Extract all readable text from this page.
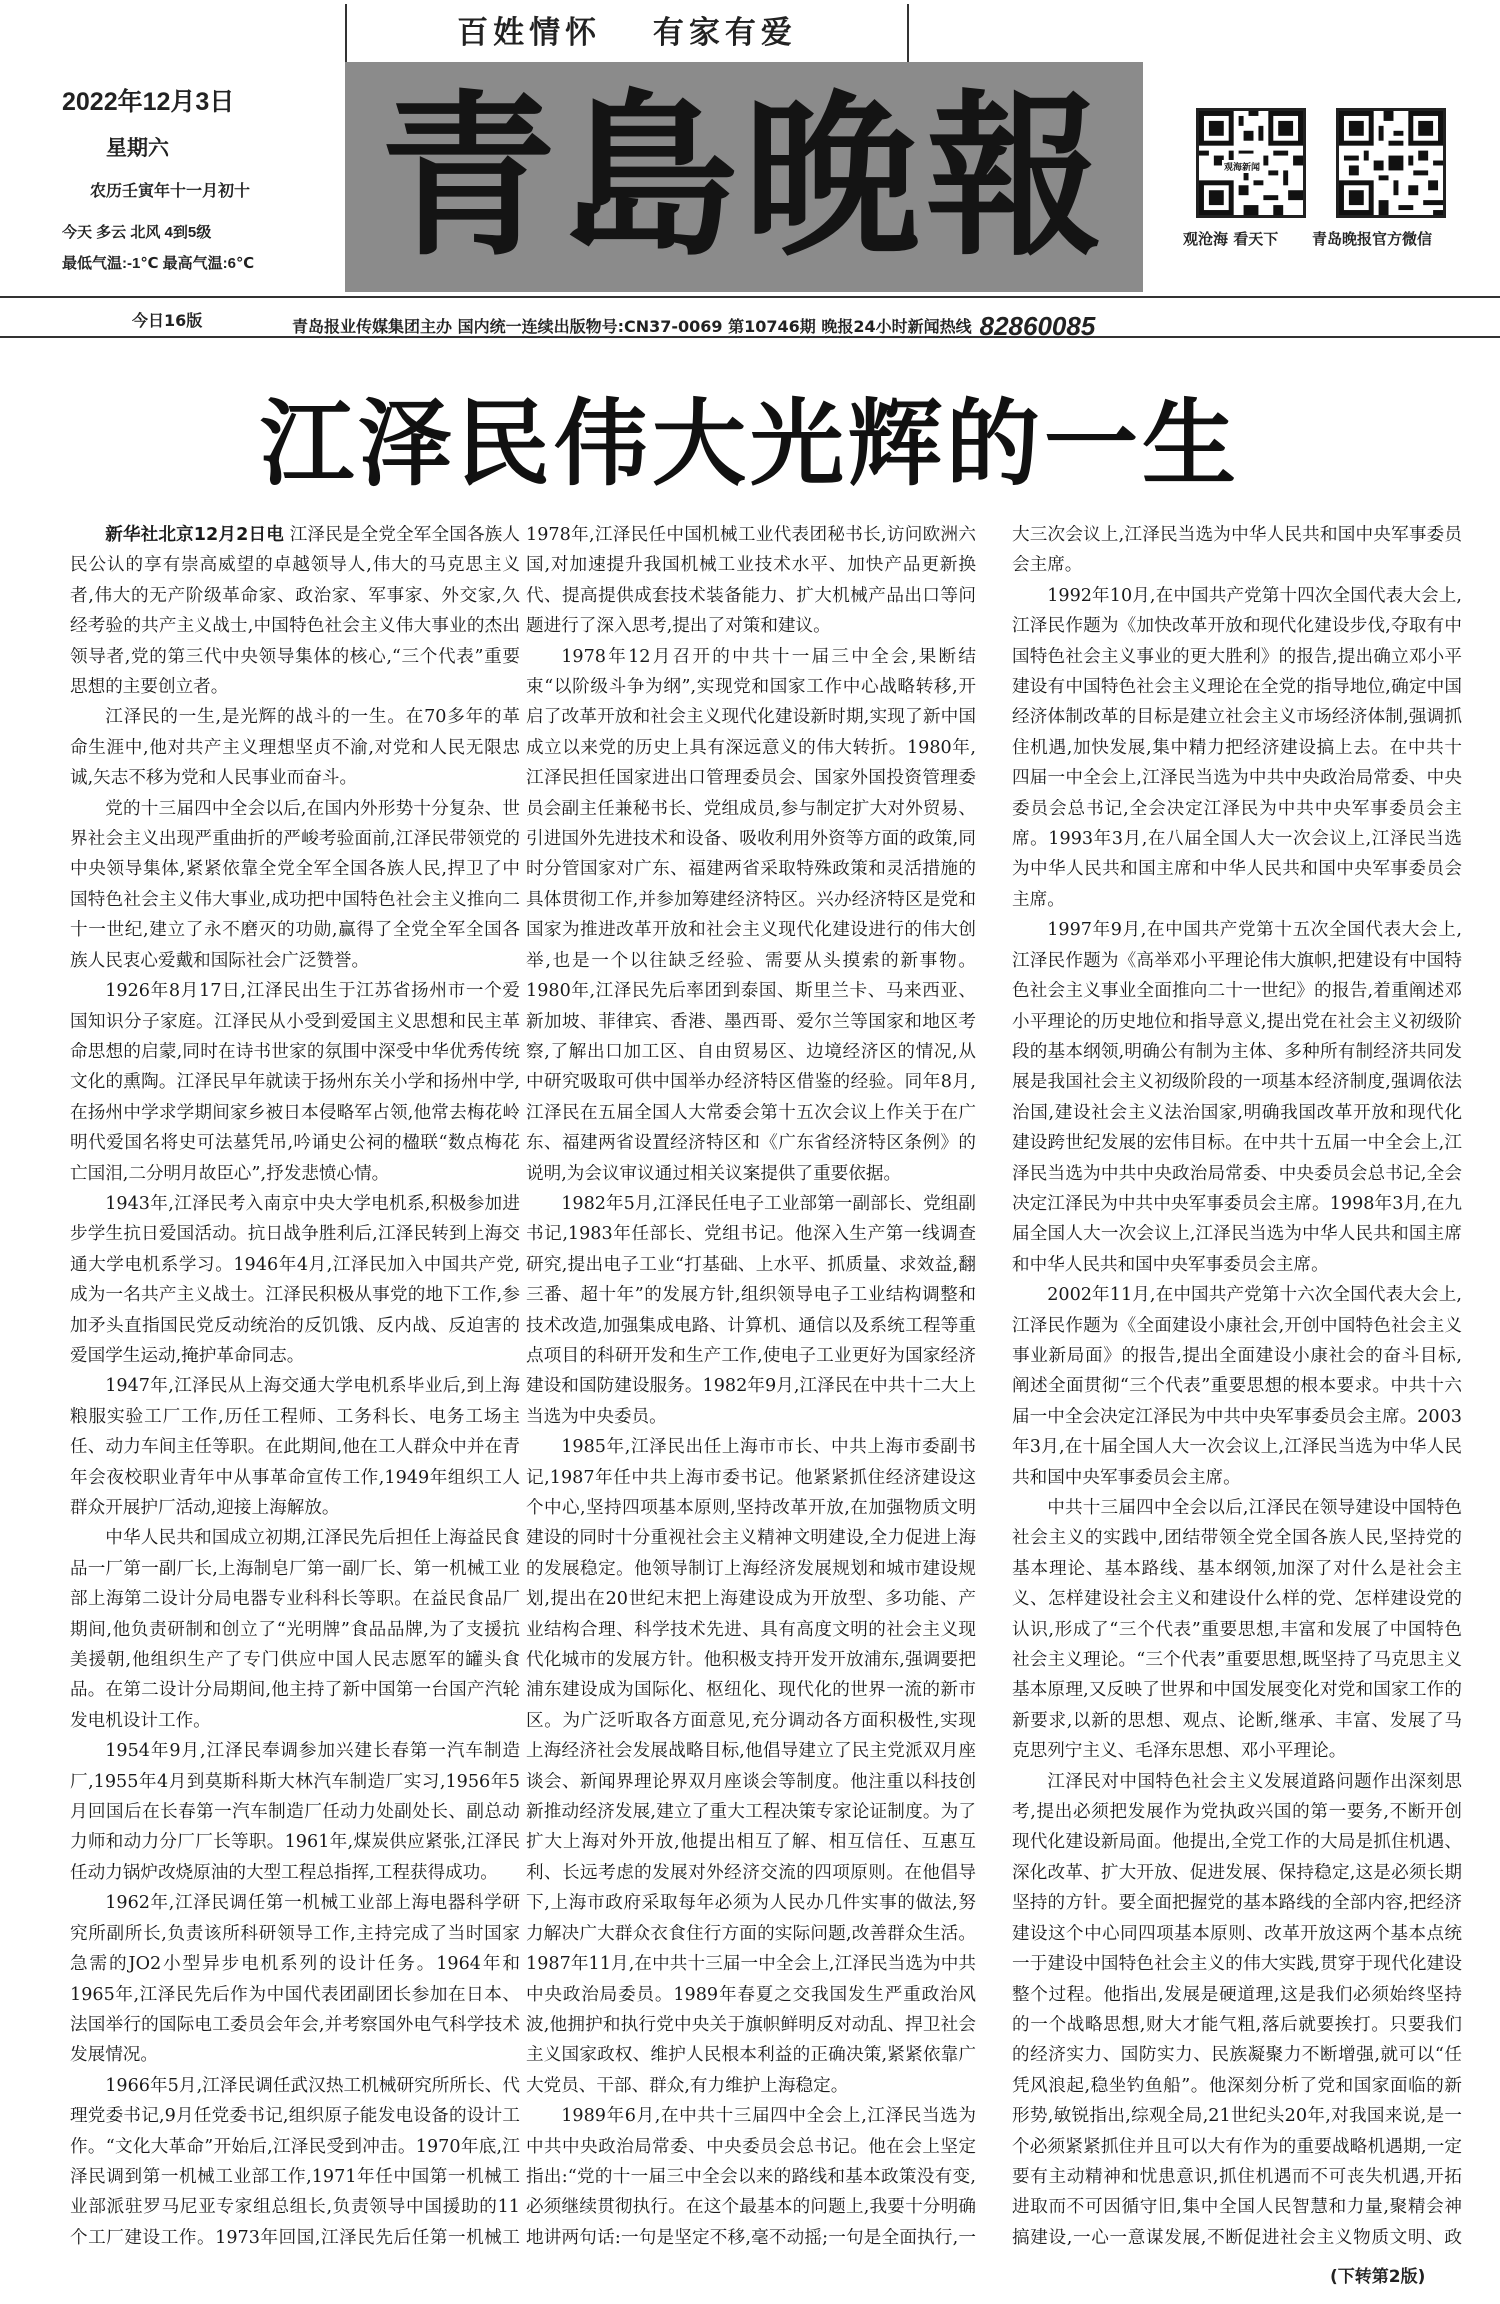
百姓情怀 有家有爱
2022年12月3日
星期六
农历壬寅年十一月初十
今天 多云 北风 4到5级
最低气温:-1℃ 最高气温:6℃ 青島晚報	观海新闻
观沧海 看天下 青岛晚报官方微信
今日16版	青岛报业传媒集团主办 国内统一连续出版物号:CN37-0069 第10746期 晚报24小时新闻热线 82860085
江泽民伟大光辉的一生

新华社北京12月2日电 江泽民是全党全军全国各族人民公认的享有崇高威望的卓越领导人,伟大的马克思主义者,伟大的无产阶级革命家、政治家、军事家、外交家,久经考验的共产主义战士,中国特色社会主义伟大事业的杰出领导者,党的第三代中央领导集体的核心,“三个代表”重要思想的主要创立者。

江泽民的一生,是光辉的战斗的一生。在70多年的革命生涯中,他对共产主义理想坚贞不渝,对党和人民无限忠诚,矢志不移为党和人民事业而奋斗。

党的十三届四中全会以后,在国内外形势十分复杂、世界社会主义出现严重曲折的严峻考验面前,江泽民带领党的中央领导集体,紧紧依靠全党全军全国各族人民,捍卫了中国特色社会主义伟大事业,成功把中国特色社会主义推向二十一世纪,建立了永不磨灭的功勋,赢得了全党全军全国各族人民衷心爱戴和国际社会广泛赞誉。

1926年8月17日,江泽民出生于江苏省扬州市一个爱国知识分子家庭。江泽民从小受到爱国主义思想和民主革命思想的启蒙,同时在诗书世家的氛围中深受中华优秀传统文化的熏陶。江泽民早年就读于扬州东关小学和扬州中学,在扬州中学求学期间家乡被日本侵略军占领,他常去梅花岭明代爱国名将史可法墓凭吊,吟诵史公祠的楹联“数点梅花亡国泪,二分明月故臣心”,抒发悲愤心情。

1943年,江泽民考入南京中央大学电机系,积极参加进步学生抗日爱国活动。抗日战争胜利后,江泽民转到上海交通大学电机系学习。1946年4月,江泽民加入中国共产党,成为一名共产主义战士。江泽民积极从事党的地下工作,参加矛头直指国民党反动统治的反饥饿、反内战、反迫害的爱国学生运动,掩护革命同志。

1947年,江泽民从上海交通大学电机系毕业后,到上海粮服实验工厂工作,历任工程师、工务科长、电务工场主任、动力车间主任等职。在此期间,他在工人群众中并在青年会夜校职业青年中从事革命宣传工作,1949年组织工人群众开展护厂活动,迎接上海解放。

中华人民共和国成立初期,江泽民先后担任上海益民食品一厂第一副厂长,上海制皂厂第一副厂长、第一机械工业部上海第二设计分局电器专业科科长等职。在益民食品厂期间,他负责研制和创立了“光明牌”食品品牌,为了支援抗美援朝,他组织生产了专门供应中国人民志愿军的罐头食品。在第二设计分局期间,他主持了新中国第一台国产汽轮发电机设计工作。

1954年9月,江泽民奉调参加兴建长春第一汽车制造厂,1955年4月到莫斯科斯大林汽车制造厂实习,1956年5月回国后在长春第一汽车制造厂任动力处副处长、副总动力师和动力分厂厂长等职。1961年,煤炭供应紧张,江泽民任动力锅炉改烧原油的大型工程总指挥,工程获得成功。

1962年,江泽民调任第一机械工业部上海电器科学研究所副所长,负责该所科研领导工作,主持完成了当时国家急需的JO2小型异步电机系列的设计任务。1964年和1965年,江泽民先后作为中国代表团副团长参加在日本、法国举行的国际电工委员会年会,并考察国外电气科学技术发展情况。

1966年5月,江泽民调任武汉热工机械研究所所长、代理党委书记,9月任党委书记,组织原子能发电设备的设计工作。“文化大革命”开始后,江泽民受到冲击。1970年底,江泽民调到第一机械工业部工作,1971年任中国第一机械工业部派驻罗马尼亚专家组总组长,负责领导中国援助的11个工厂建设工作。1973年回国,江泽民先后任第一机械工

1978年,江泽民任中国机械工业代表团秘书长,访问欧洲六国,对加速提升我国机械工业技术水平、加快产品更新换代、提高提供成套技术装备能力、扩大机械产品出口等问题进行了深入思考,提出了对策和建议。

1978年12月召开的中共十一届三中全会,果断结束“以阶级斗争为纲”,实现党和国家工作中心战略转移,开启了改革开放和社会主义现代化建设新时期,实现了新中国成立以来党的历史上具有深远意义的伟大转折。1980年,江泽民担任国家进出口管理委员会、国家外国投资管理委员会副主任兼秘书长、党组成员,参与制定扩大对外贸易、引进国外先进技术和设备、吸收利用外资等方面的政策,同时分管国家对广东、福建两省采取特殊政策和灵活措施的具体贯彻工作,并参加筹建经济特区。兴办经济特区是党和国家为推进改革开放和社会主义现代化建设进行的伟大创举,也是一个以往缺乏经验、需要从头摸索的新事物。1980年,江泽民先后率团到泰国、斯里兰卡、马来西亚、新加坡、菲律宾、香港、墨西哥、爱尔兰等国家和地区考察,了解出口加工区、自由贸易区、边境经济区的情况,从中研究吸取可供中国举办经济特区借鉴的经验。同年8月,江泽民在五届全国人大常委会第十五次会议上作关于在广东、福建两省设置经济特区和《广东省经济特区条例》的说明,为会议审议通过相关议案提供了重要依据。

1982年5月,江泽民任电子工业部第一副部长、党组副书记,1983年任部长、党组书记。他深入生产第一线调查研究,提出电子工业“打基础、上水平、抓质量、求效益,翻三番、超十年”的发展方针,组织领导电子工业结构调整和技术改造,加强集成电路、计算机、通信以及系统工程等重点项目的科研开发和生产工作,使电子工业更好为国家经济建设和国防建设服务。1982年9月,江泽民在中共十二大上当选为中央委员。

1985年,江泽民出任上海市市长、中共上海市委副书记,1987年任中共上海市委书记。他紧紧抓住经济建设这个中心,坚持四项基本原则,坚持改革开放,在加强物质文明建设的同时十分重视社会主义精神文明建设,全力促进上海的发展稳定。他领导制订上海经济发展规划和城市建设规划,提出在20世纪末把上海建设成为开放型、多功能、产业结构合理、科学技术先进、具有高度文明的社会主义现代化城市的发展方针。他积极支持开发开放浦东,强调要把浦东建设成为国际化、枢纽化、现代化的世界一流的新市区。为广泛听取各方面意见,充分调动各方面积极性,实现上海经济社会发展战略目标,他倡导建立了民主党派双月座谈会、新闻界理论界双月座谈会等制度。他注重以科技创新推动经济发展,建立了重大工程决策专家论证制度。为了扩大上海对外开放,他提出相互了解、相互信任、互惠互利、长远考虑的发展对外经济交流的四项原则。在他倡导下,上海市政府采取每年必须为人民办几件实事的做法,努力解决广大群众衣食住行方面的实际问题,改善群众生活。1987年11月,在中共十三届一中全会上,江泽民当选为中共中央政治局委员。1989年春夏之交我国发生严重政治风波,他拥护和执行党中央关于旗帜鲜明反对动乱、捍卫社会主义国家政权、维护人民根本利益的正确决策,紧紧依靠广大党员、干部、群众,有力维护上海稳定。

1989年6月,在中共十三届四中全会上,江泽民当选为中共中央政治局常委、中央委员会总书记。他在会上坚定指出:“党的十一届三中全会以来的路线和基本政策没有变,必须继续贯彻执行。在这个最基本的问题上,我要十分明确地讲两句话:一句是坚定不移,毫不动摇;一句是全面执行,一

大三次会议上,江泽民当选为中华人民共和国中央军事委员会主席。

1992年10月,在中国共产党第十四次全国代表大会上,江泽民作题为《加快改革开放和现代化建设步伐,夺取有中国特色社会主义事业的更大胜利》的报告,提出确立邓小平建设有中国特色社会主义理论在全党的指导地位,确定中国经济体制改革的目标是建立社会主义市场经济体制,强调抓住机遇,加快发展,集中精力把经济建设搞上去。在中共十四届一中全会上,江泽民当选为中共中央政治局常委、中央委员会总书记,全会决定江泽民为中共中央军事委员会主席。1993年3月,在八届全国人大一次会议上,江泽民当选为中华人民共和国主席和中华人民共和国中央军事委员会主席。

1997年9月,在中国共产党第十五次全国代表大会上,江泽民作题为《高举邓小平理论伟大旗帜,把建设有中国特色社会主义事业全面推向二十一世纪》的报告,着重阐述邓小平理论的历史地位和指导意义,提出党在社会主义初级阶段的基本纲领,明确公有制为主体、多种所有制经济共同发展是我国社会主义初级阶段的一项基本经济制度,强调依法治国,建设社会主义法治国家,明确我国改革开放和现代化建设跨世纪发展的宏伟目标。在中共十五届一中全会上,江泽民当选为中共中央政治局常委、中央委员会总书记,全会决定江泽民为中共中央军事委员会主席。1998年3月,在九届全国人大一次会议上,江泽民当选为中华人民共和国主席和中华人民共和国中央军事委员会主席。

2002年11月,在中国共产党第十六次全国代表大会上,江泽民作题为《全面建设小康社会,开创中国特色社会主义事业新局面》的报告,提出全面建设小康社会的奋斗目标,阐述全面贯彻“三个代表”重要思想的根本要求。中共十六届一中全会决定江泽民为中共中央军事委员会主席。2003年3月,在十届全国人大一次会议上,江泽民当选为中华人民共和国中央军事委员会主席。

中共十三届四中全会以后,江泽民在领导建设中国特色社会主义的实践中,团结带领全党全国各族人民,坚持党的基本理论、基本路线、基本纲领,加深了对什么是社会主义、怎样建设社会主义和建设什么样的党、怎样建设党的认识,形成了“三个代表”重要思想,丰富和发展了中国特色社会主义理论。“三个代表”重要思想,既坚持了马克思主义基本原理,又反映了世界和中国发展变化对党和国家工作的新要求,以新的思想、观点、论断,继承、丰富、发展了马克思列宁主义、毛泽东思想、邓小平理论。

江泽民对中国特色社会主义发展道路问题作出深刻思考,提出必须把发展作为党执政兴国的第一要务,不断开创现代化建设新局面。他提出,全党工作的大局是抓住机遇、深化改革、扩大开放、促进发展、保持稳定,这是必须长期坚持的方针。要全面把握党的基本路线的全部内容,把经济建设这个中心同四项基本原则、改革开放这两个基本点统一于建设中国特色社会主义的伟大实践,贯穿于现代化建设整个过程。他指出,发展是硬道理,这是我们必须始终坚持的一个战略思想,财大才能气粗,落后就要挨打。只要我们的经济实力、国防实力、民族凝聚力不断增强,就可以“任凭风浪起,稳坐钓鱼船”。他深刻分析了党和国家面临的新形势,敏锐指出,综观全局,21世纪头20年,对我国来说,是一个必须紧紧抓住并且可以大有作为的重要战略机遇期,一定要有主动精神和忧患意识,抓住机遇而不可丧失机遇,开拓进取而不可因循守旧,集中全国人民智慧和力量,聚精会神搞建设,一心一意谋发展,不断促进社会主义物质文明、政

(下转第2版)
